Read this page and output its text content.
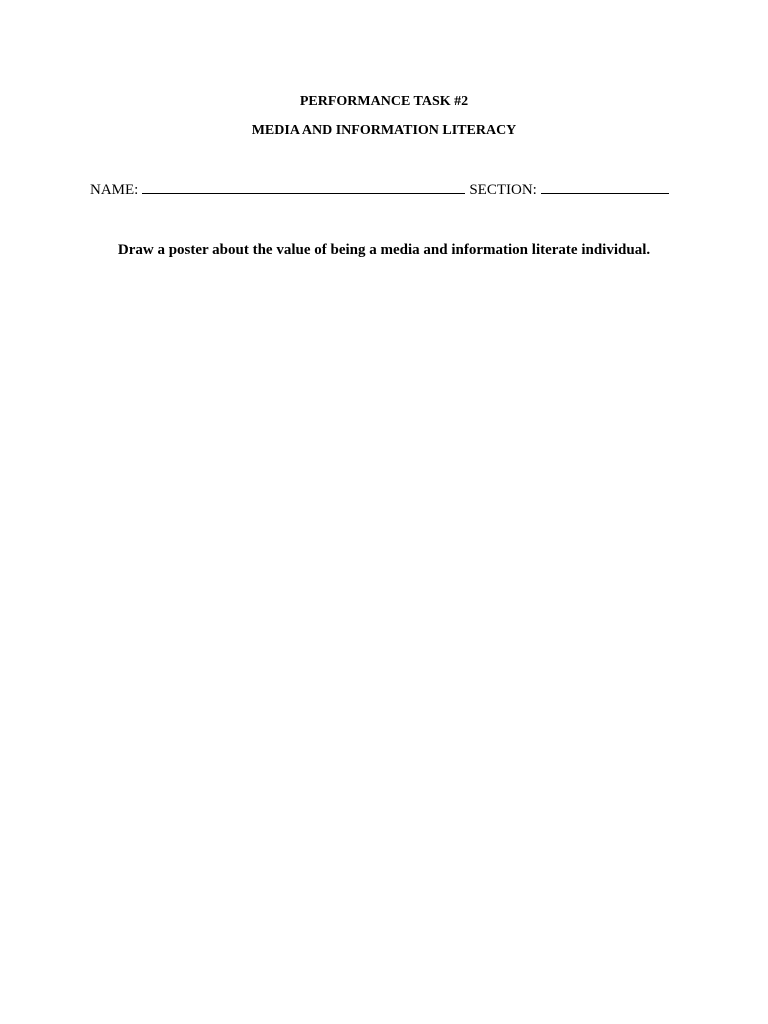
PERFORMANCE TASK #2
MEDIA AND INFORMATION LITERACY
NAME:	SECTION:
Draw a poster about the value of being a media and information literate individual.
